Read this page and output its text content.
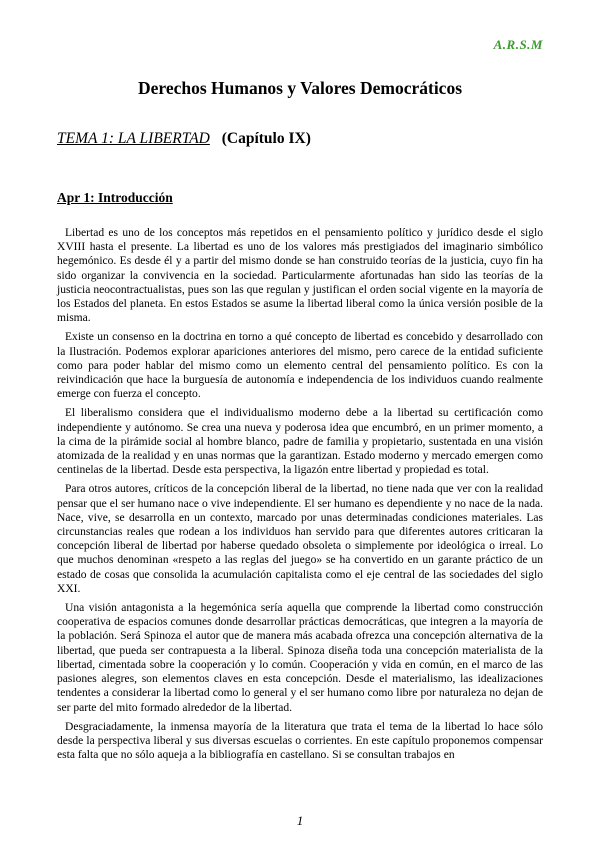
A.R.S.M
Derechos Humanos y Valores Democráticos
TEMA 1: LA LIBERTAD (Capítulo IX)
Apr 1: Introducción

Libertad es uno de los conceptos más repetidos en el pensamiento político y jurídico desde el siglo XVIII hasta el presente. La libertad es uno de los valores más prestigiados del imaginario simbólico hegemónico. Es desde él y a partir del mismo donde se han construido teorías de la justicia, cuyo fin ha sido organizar la convivencia en la sociedad. Particularmente afortunadas han sido las teorías de la justicia neocontractualistas, pues son las que regulan y justifican el orden social vigente en la mayoría de los Estados del planeta. En estos Estados se asume la libertad liberal como la única versión posible de la misma.

Existe un consenso en la doctrina en torno a qué concepto de libertad es concebido y desarrollado con la Ilustración. Podemos explorar apariciones anteriores del mismo, pero carece de la entidad suficiente como para poder hablar del mismo como un elemento central del pensamiento político. Es con la reivindicación que hace la burguesía de autonomía e independencia de los individuos cuando realmente emerge con fuerza el concepto.

El liberalismo considera que el individualismo moderno debe a la libertad su certificación como independiente y autónomo. Se crea una nueva y poderosa idea que encumbró, en un primer momento, a la cima de la pirámide social al hombre blanco, padre de familia y propietario, sustentada en una visión atomizada de la realidad y en unas normas que la garantizan. Estado moderno y mercado emergen como centinelas de la libertad. Desde esta perspectiva, la ligazón entre libertad y propiedad es total.

Para otros autores, críticos de la concepción liberal de la libertad, no tiene nada que ver con la realidad pensar que el ser humano nace o vive independiente. El ser humano es dependiente y no nace de la nada. Nace, vive, se desarrolla en un contexto, marcado por unas determinadas condiciones materiales. Las circunstancias reales que rodean a los individuos han servido para que diferentes autores criticaran la concepción liberal de libertad por haberse quedado obsoleta o simplemente por ideológica o irreal. Lo que muchos denominan «respeto a las reglas del juego» se ha convertido en un garante práctico de un estado de cosas que consolida la acumulación capitalista como el eje central de las sociedades del siglo XXI.

Una visión antagonista a la hegemónica sería aquella que comprende la libertad como construcción cooperativa de espacios comunes donde desarrollar prácticas democráticas, que integren a la mayoría de la población. Será Spinoza el autor que de manera más acabada ofrezca una concepción alternativa de la libertad, que pueda ser contrapuesta a la liberal. Spinoza diseña toda una concepción materialista de la libertad, cimentada sobre la cooperación y lo común. Cooperación y vida en común, en el marco de las pasiones alegres, son elementos claves en esta concepción. Desde el materialismo, las idealizaciones tendentes a considerar la libertad como lo general y el ser humano como libre por naturaleza no dejan de ser parte del mito formado alrededor de la libertad.

Desgraciadamente, la inmensa mayoría de la literatura que trata el tema de la libertad lo hace sólo desde la perspectiva liberal y sus diversas escuelas o corrientes. En este capítulo proponemos compensar esta falta que no sólo aqueja a la bibliografía en castellano. Si se consultan trabajos en

1
